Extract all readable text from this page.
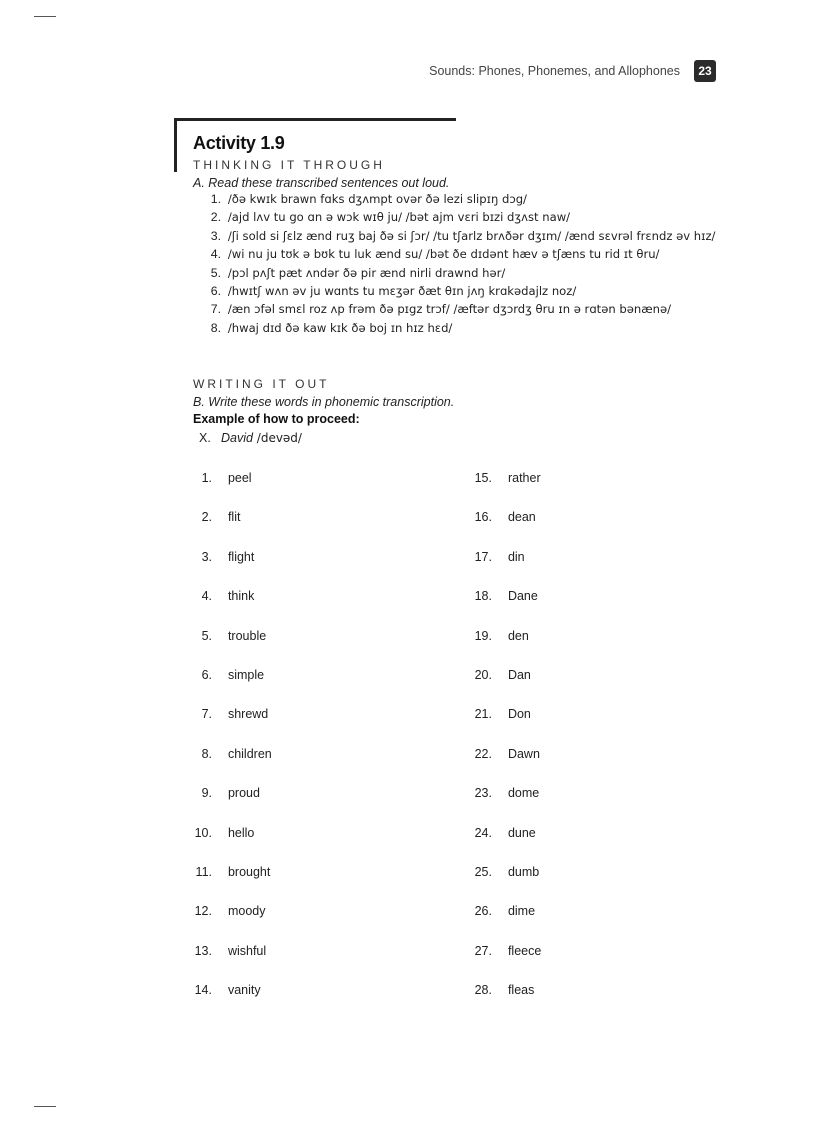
Sounds: Phones, Phonemes, and Allophones	23
Activity 1.9
THINKING IT THROUGH
A. Read these transcribed sentences out loud.
1. /ðə kwɪk brawn fɑks dʒʌmpt ovər ðə lezi slipɪŋ dɔg/
2. /ajd lʌv tu go ɑn ə wɔk wɪθ ju/ /bət ajm vɛri bɪzi dʒʌst naw/
3. /ʃi sold si ʃɛlz ænd ruʒ baj ðə si ʃɔr/ /tu tʃarlz brʌðər dʒɪm/ /ænd sɛvrəl frɛndz əv hɪz/
4. /wi nu ju tʊk ə bʊk tu luk ænd su/ /bət ðe dɪdənt hæv ə tʃæns tu rid ɪt θru/
5. /pɔl pʌʃt pæt ʌndər ðə pir ænd nirli drawnd hər/
6. /hwɪtʃ wʌn əv ju wɑnts tu mɛʒər ðæt θɪn jʌŋ krɑkədajlz noz/
7. /æn ɔfəl smɛl roz ʌp frəm ðə pɪgz trɔf/ /æftər dʒɔrdʒ θru ɪn ə rɑtən bənænə/
8. /hwaj dɪd ðə kaw kɪk ðə boj ɪn hɪz hɛd/
WRITING IT OUT
B. Write these words in phonemic transcription.
Example of how to proceed:
X. David /devəd/
1. peel
2. flit
3. flight
4. think
5. trouble
6. simple
7. shrewd
8. children
9. proud
10. hello
11. brought
12. moody
13. wishful
14. vanity
15. rather
16. dean
17. din
18. Dane
19. den
20. Dan
21. Don
22. Dawn
23. dome
24. dune
25. dumb
26. dime
27. fleece
28. fleas
